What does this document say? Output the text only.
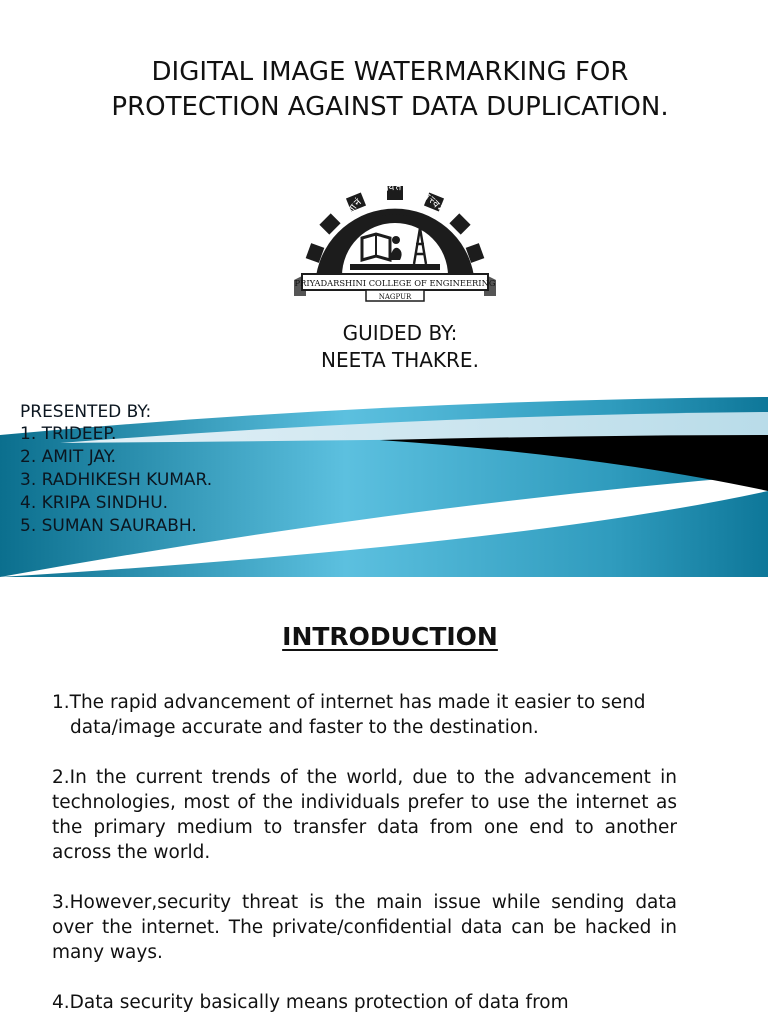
DIGITAL IMAGE WATERMARKING FOR PROTECTION AGAINST DATA DUPLICATION.
ज्ञानं प्रसारयितव्यम् तत्त्वम्
PRIYADARSHINI COLLEGE OF ENGINEERING
NAGPUR
GUIDED BY:
NEETA THAKRE.
PRESENTED BY:
1. TRIDEEP.
2. AMIT JAY.
3. RADHIKESH KUMAR.
4. KRIPA SINDHU.
5. SUMAN SAURABH.
INTRODUCTION

1.The rapid advancement of internet has made it easier to send data/image accurate and faster to the destination.

2.In the current trends of the world, due to the advancement in technologies, most of the individuals prefer to use the internet as the primary medium to transfer data from one end to another across the world.

3.However,security threat is the main issue while sending data over the internet. The private/confidential data can be hacked in many ways.

4.Data security basically means protection of data from
